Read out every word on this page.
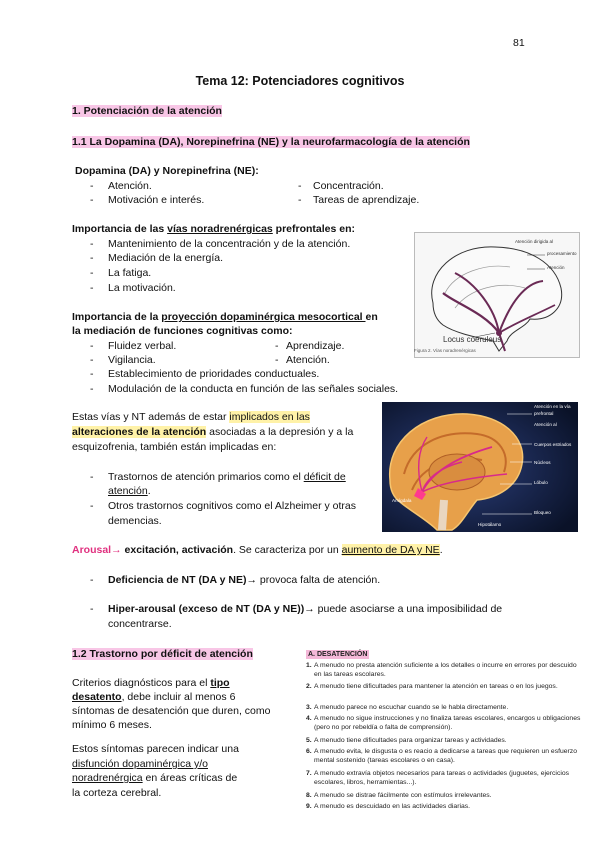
81
Tema 12: Potenciadores cognitivos
1. Potenciación de la atención
1.1 La Dopamina (DA), Norepinefrina (NE) y la neurofarmacología de la atención
Dopamina (DA) y Norepinefrina (NE):
- Atención.	- Concentración.
- Motivación e interés.	- Tareas de aprendizaje.
Importancia de las vías noradrenérgicas prefrontales en:
- Mantenimiento de la concentración y de la atención.
- Mediación de la energía.
- La fatiga.
- La motivación.
Atención dirigida al
procesamiento
Atención
Locus coeruleus
Figura 2. Vías noradrenérgicas
Importancia de la proyección dopaminérgica mesocortical en
la mediación de funciones cognitivas como:
- Fluidez verbal.	- Aprendizaje.
- Vigilancia.	- Atención.
- Establecimiento de prioridades conductuales.
- Modulación de la conducta en función de las señales sociales.
Estas vías y NT además de estar implicados en las
alteraciones de la atención asociadas a la depresión y a la
esquizofrenia, también están implicadas en:
- Trastornos de atención primarios como el déficit de
atención.
- Otros trastornos cognitivos como el Alzheimer y otras
demencias.
Atención en la vía
prefrontal
Atención al
Cuerpos estriados
Núcleos
Lóbulo
Bloqueo
Amígdala
Hipotálamo
Arousal→ excitación, activación. Se caracteriza por un aumento de DA y NE.
- Deficiencia de NT (DA y NE)→ provoca falta de atención.
- Hiper-arousal (exceso de NT (DA y NE))→ puede asociarse a una imposibilidad de
concentrarse.
1.2 Trastorno por déficit de atención
Criterios diagnósticos para el tipo
desatento, debe incluir al menos 6
síntomas de desatención que duren, como
mínimo 6 meses.
Estos síntomas parecen indicar una
disfunción dopaminérgica y/o
noradrenérgica en áreas críticas de
la corteza cerebral.
A. DESATENCIÓN
1. A menudo no presta atención suficiente a los detalles o incurre en errores por descuido en las tareas escolares.
2. A menudo tiene dificultades para mantener la atención en tareas o en los juegos.
3. A menudo parece no escuchar cuando se le habla directamente.
4. A menudo no sigue instrucciones y no finaliza tareas escolares, encargos u obligaciones (pero no por rebeldía o falta de comprensión).
5. A menudo tiene dificultades para organizar tareas y actividades.
6. A menudo evita, le disgusta o es reacio a dedicarse a tareas que requieren un esfuerzo mental sostenido (tareas escolares o en casa).
7. A menudo extravía objetos necesarios para tareas o actividades (juguetes, ejercicios escolares, libros, herramientas...).
8. A menudo se distrae fácilmente con estímulos irrelevantes.
9. A menudo es descuidado en las actividades diarias.
